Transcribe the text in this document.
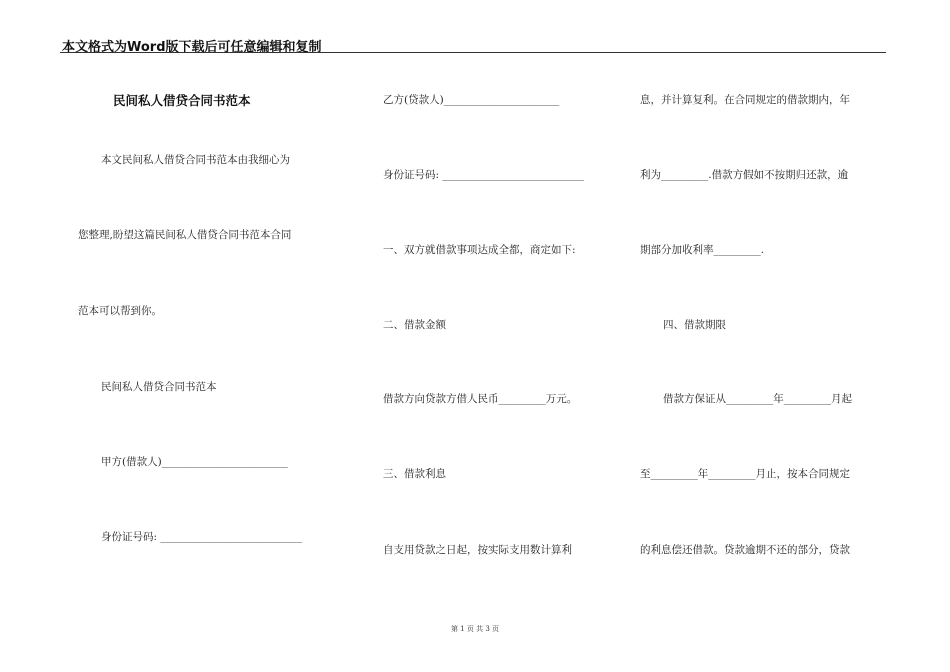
本文格式为Word版下载后可任意编辑和复制
民间私人借贷合同书范本
本文民间私人借贷合同书范本由我细心为
您整理,盼望这篇民间私人借贷合同书范本合同
范本可以帮到你。
民间私人借贷合同书范本
甲方(借款人)________________________
身份证号码: ___________________________
乙方(贷款人)______________________
身份证号码: ___________________________
一、双方就借款事项达成全都，商定如下:
二、借款金额
借款方向贷款方借人民币_________万元。
三、借款利息
自支用贷款之日起，按实际支用数计算利
息，并计算复利。在合同规定的借款期内，年
利为_________.借款方假如不按期归还款，逾
期部分加收利率_________.
四、借款期限
借款方保证从_________年_________月起
至_________年_________月止，按本合同规定
的利息偿还借款。贷款逾期不还的部分，贷款
第 1 页 共 3 页
